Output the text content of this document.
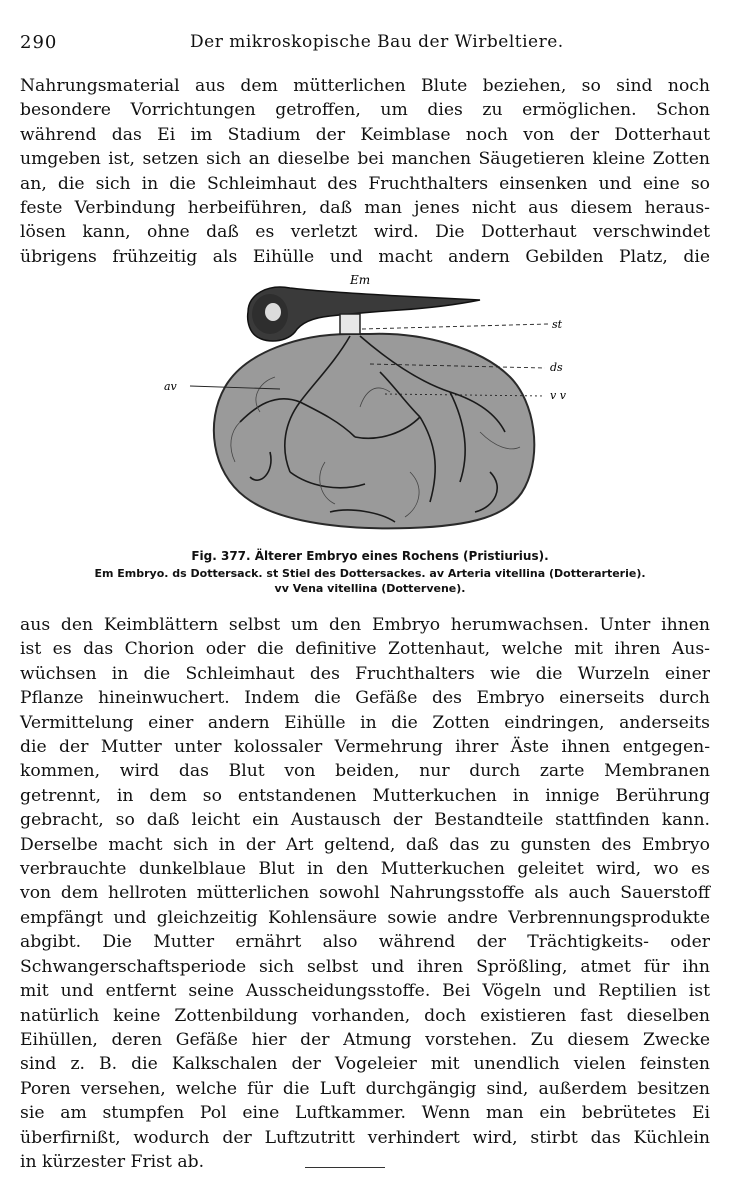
290	Der mikroskopische Bau der Wirbeltiere.
Nahrungsmaterial aus dem mütterlichen Blute beziehen, so sind noch
besondere Vorrichtungen getroffen, um dies zu ermöglichen. Schon
während das Ei im Stadium der Keimblase noch von der Dotterhaut
umgeben ist, setzen sich an dieselbe bei manchen Säugetieren kleine Zotten
an, die sich in die Schleimhaut des Fruchthalters einsenken und eine so
feste Verbindung herbeiführen, daß man jenes nicht aus diesem heraus-
lösen kann, ohne daß es verletzt wird. Die Dotterhaut verschwindet
übrigens frühzeitig als Eihülle und macht andern Gebilden Platz, die
Em
st
ds
v v
av
Fig. 377. Älterer Embryo eines Rochens (Pristiurius).
Em Embryo. ds Dottersack. st Stiel des Dottersackes. av Arteria vitellina (Dotterarterie).
vv Vena vitellina (Dottervene).
aus den Keimblättern selbst um den Embryo herumwachsen. Unter ihnen
ist es das Chorion oder die definitive Zottenhaut, welche mit ihren Aus-
wüchsen in die Schleimhaut des Fruchthalters wie die Wurzeln einer
Pflanze hineinwuchert. Indem die Gefäße des Embryo einerseits durch
Vermittelung einer andern Eihülle in die Zotten eindringen, anderseits
die der Mutter unter kolossaler Vermehrung ihrer Äste ihnen entgegen-
kommen, wird das Blut von beiden, nur durch zarte Membranen
getrennt, in dem so entstandenen Mutterkuchen in innige Berührung
gebracht, so daß leicht ein Austausch der Bestandteile stattfinden kann.
Derselbe macht sich in der Art geltend, daß das zu gunsten des Embryo
verbrauchte dunkelblaue Blut in den Mutterkuchen geleitet wird, wo es
von dem hellroten mütterlichen sowohl Nahrungsstoffe als auch Sauerstoff
empfängt und gleichzeitig Kohlensäure sowie andre Verbrennungsprodukte
abgibt. Die Mutter ernährt also während der Trächtigkeits- oder
Schwangerschaftsperiode sich selbst und ihren Sprößling, atmet für ihn
mit und entfernt seine Ausscheidungsstoffe. Bei Vögeln und Reptilien ist
natürlich keine Zottenbildung vorhanden, doch existieren fast dieselben
Eihüllen, deren Gefäße hier der Atmung vorstehen. Zu diesem Zwecke
sind z. B. die Kalkschalen der Vogeleier mit unendlich vielen feinsten
Poren versehen, welche für die Luft durchgängig sind, außerdem besitzen
sie am stumpfen Pol eine Luftkammer. Wenn man ein bebrütetes Ei
überfirnißt, wodurch der Luftzutritt verhindert wird, stirbt das Küchlein
in kürzester Frist ab.
